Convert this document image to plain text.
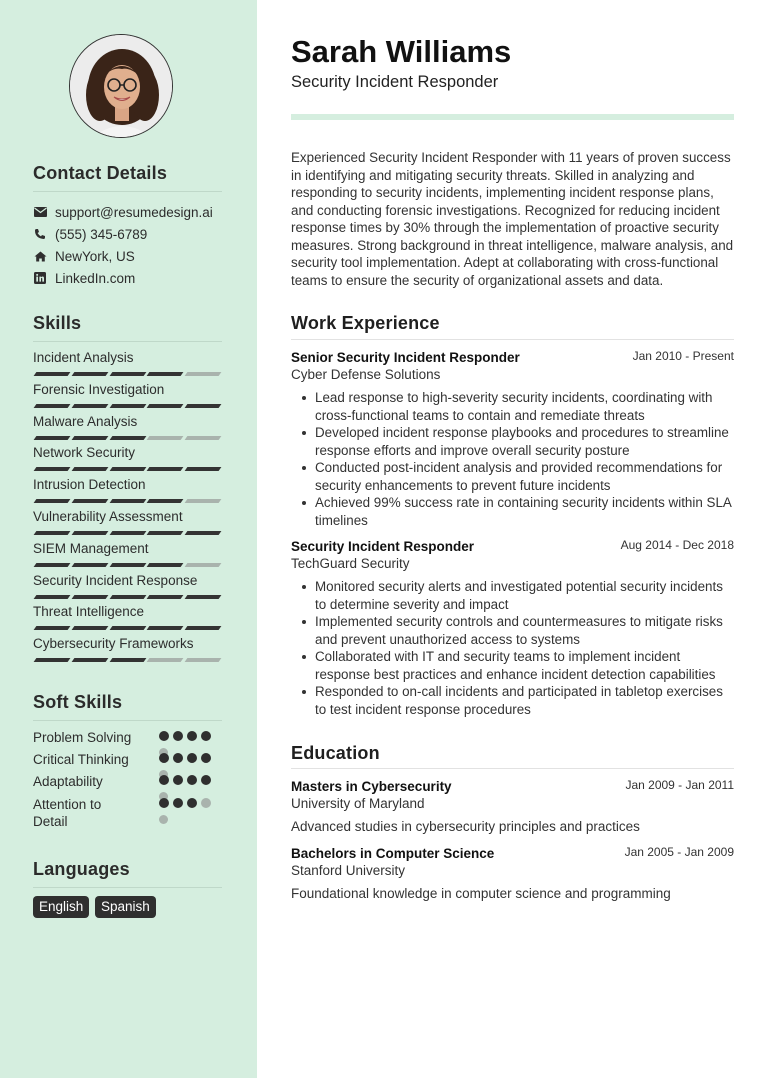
Contact Details
support@resumedesign.ai
(555) 345-6789
NewYork, US
LinkedIn.com
Skills
Incident Analysis
Forensic Investigation
Malware Analysis
Network Security
Intrusion Detection
Vulnerability Assessment
SIEM Management
Security Incident Response
Threat Intelligence
Cybersecurity Frameworks
Soft Skills
Problem Solving
Critical Thinking
Adaptability
Attention to Detail
Languages
English	Spanish
Sarah Williams
Security Incident Responder
Experienced Security Incident Responder with 11 years of proven success in identifying and mitigating security threats. Skilled in analyzing and responding to security incidents, implementing incident response plans, and conducting forensic investigations. Recognized for reducing incident response times by 30% through the implementation of proactive security measures. Strong background in threat intelligence, malware analysis, and security tool implementation. Adept at collaborating with cross-functional teams to ensure the security of organizational assets and data.
Work Experience
Senior Security Incident Responder	Jan 2010 - Present
Cyber Defense Solutions
Lead response to high-severity security incidents, coordinating with cross-functional teams to contain and remediate threats
Developed incident response playbooks and procedures to streamline response efforts and improve overall security posture
Conducted post-incident analysis and provided recommendations for security enhancements to prevent future incidents
Achieved 99% success rate in containing security incidents within SLA timelines
Security Incident Responder	Aug 2014 - Dec 2018
TechGuard Security
Monitored security alerts and investigated potential security incidents to determine severity and impact
Implemented security controls and countermeasures to mitigate risks and prevent unauthorized access to systems
Collaborated with IT and security teams to implement incident response best practices and enhance incident detection capabilities
Responded to on-call incidents and participated in tabletop exercises to test incident response procedures
Education
Masters in Cybersecurity	Jan 2009 - Jan 2011
University of Maryland
Advanced studies in cybersecurity principles and practices
Bachelors in Computer Science	Jan 2005 - Jan 2009
Stanford University
Foundational knowledge in computer science and programming
